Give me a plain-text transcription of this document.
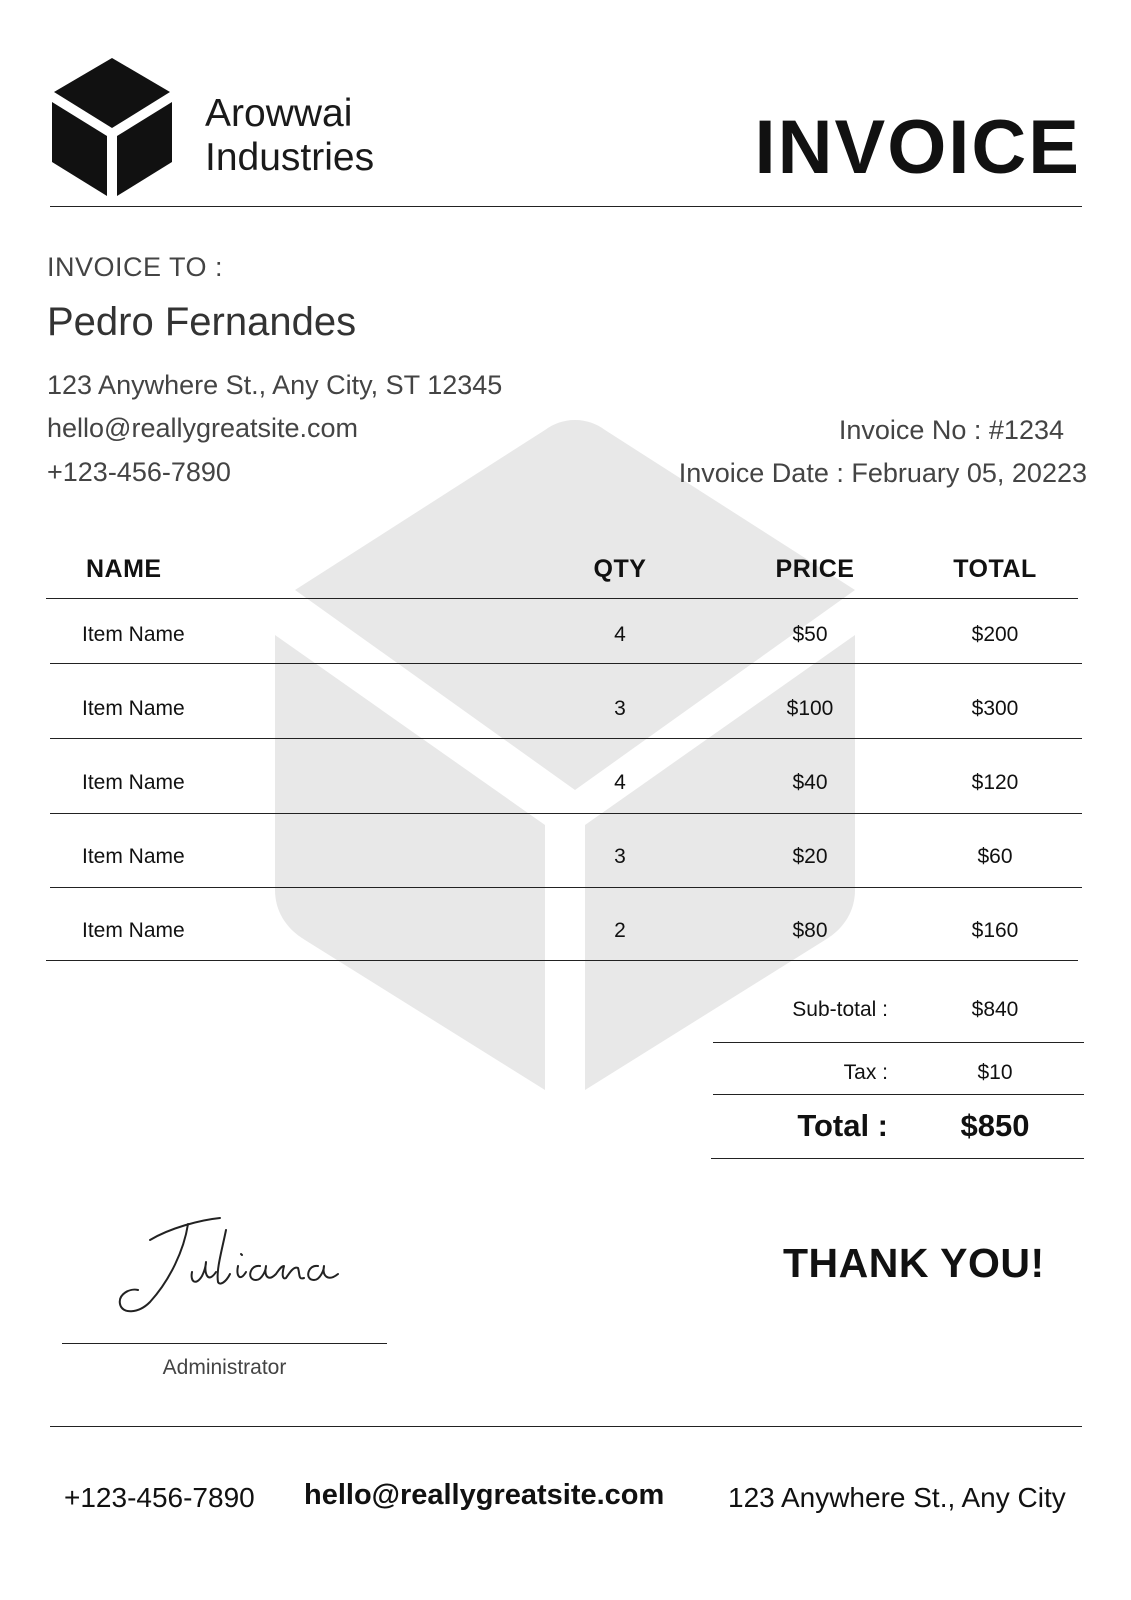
Arowwai
Industries	INVOICE
INVOICE TO :
Pedro Fernandes
123 Anywhere St., Any City, ST 12345
hello@reallygreatsite.com
+123-456-7890
Invoice No : #1234
Invoice Date : February 05, 20223
NAME	QTY	PRICE	TOTAL
Item Name	4	$50	$200
Item Name	3	$100	$300
Item Name	4	$40	$120
Item Name	3	$20	$60
Item Name	2	$80	$160
Sub-total :	$840
Tax :	$10
Total :	$850
Administrator
THANK YOU!
+123-456-7890 hello@reallygreatsite.com 123 Anywhere St., Any City
